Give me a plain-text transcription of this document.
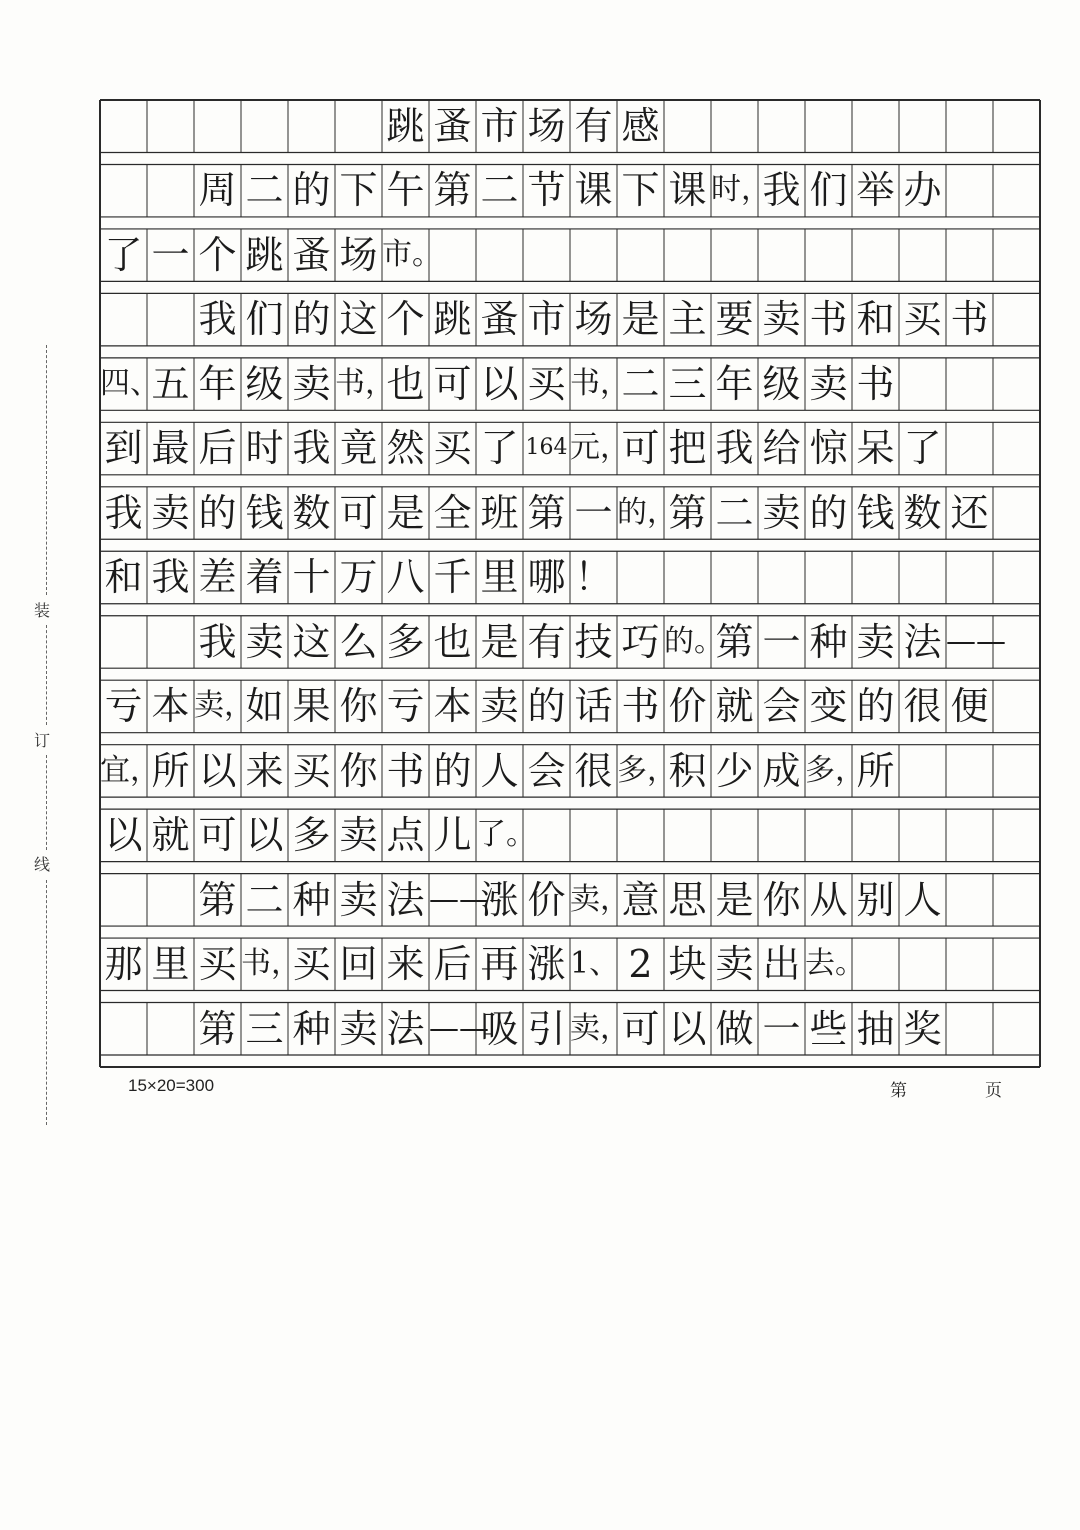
装
订
线
跳 蚤 市 场 有 感
周 二 的 下 午 第 二 节 课 下 课 时，
我 们 举 办
了 一 个 跳 蚤 场 市。
我 们 的 这 个 跳 蚤 市 场 是 主 要 卖 书 和 买 书
四、
五 年 级 卖 书，
也 可 以 买 书，
二 三 年 级 卖 书
到 最 后 时 我 竟 然 买 了 164 元，
可 把 我 给 惊 呆 了
我 卖 的 钱 数 可 是 全 班 第 一 的，
第 二 卖 的 钱 数 还
和 我 差 着 十 万 八 千 里 哪 ！
我 卖 这 么 多 也 是 有 技 巧 的。
第 一 种 卖 法 ——
亏 本 卖，
如 果 你 亏 本 卖 的 话 书 价 就 会 变 的 很 便
宜，
所 以 来 买 你 书 的 人 会 很 多，
积 少 成 多，
所
以 就 可 以 多 卖 点 儿 了。
第 二 种 卖 法 ——
涨 价 卖，
意 思 是 你 从 别 人
那 里 买 书，
买 回 来 后 再 涨 1、 2 块 卖 出 去。
第 三 种 卖 法 ——
吸 引 卖，
可 以 做 一 些 抽 奖
15×20=300	第	页
